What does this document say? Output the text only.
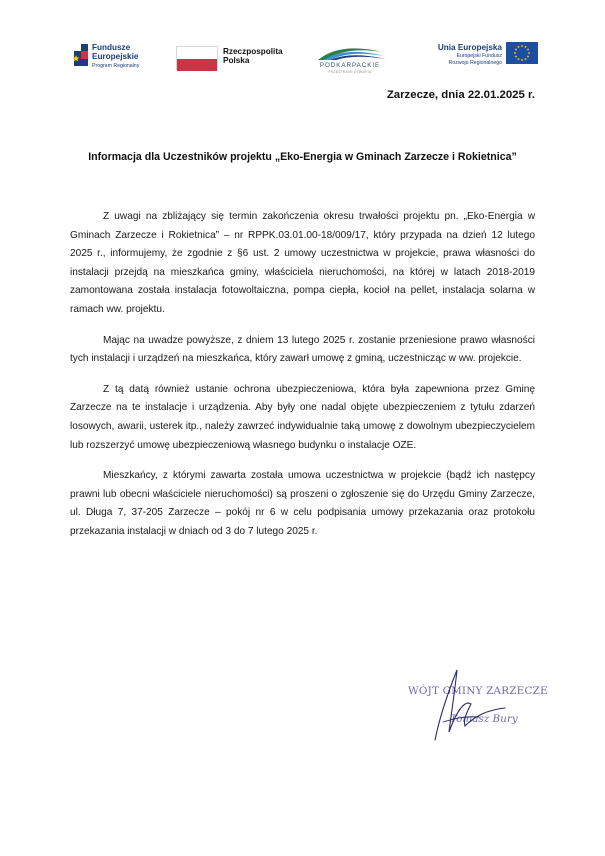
Fundusze
Europejskie
Program Regionalny
Rzeczpospolita
Polska
PODKARPACKIE
PRZESTRZEŃ OTWARTA
Unia Europejska
Europejski Fundusz
Rozwoju Regionalnego
Zarzecze, dnia 22.01.2025 r.
Informacja dla Uczestników projektu „Eko-Energia w Gminach Zarzecze i Rokietnica”

Z uwagi na zbliżający się termin zakończenia okresu trwałości projektu pn. „Eko-Energia w Gminach Zarzecze i Rokietnica” – nr RPPK.03.01.00-18/009/17, który przypada na dzień 12 lutego 2025 r., informujemy, że zgodnie z §6 ust. 2 umowy uczestnictwa w projekcie, prawa własności do instalacji przejdą na mieszkańca gminy, właściciela nieruchomości, na której w latach 2018-2019 zamontowana została instalacja fotowoltaiczna, pompa ciepła, kocioł na pellet, instalacja solarna w ramach ww. projektu.

Mając na uwadze powyższe, z dniem 13 lutego 2025 r. zostanie przeniesione prawo własności tych instalacji i urządzeń na mieszkańca, który zawarł umowę z gminą, uczestnicząc w ww. projekcie.

Z tą datą również ustanie ochrona ubezpieczeniowa, która była zapewniona przez Gminę Zarzecze na te instalacje i urządzenia. Aby były one nadal objęte ubezpieczeniem z tytułu zdarzeń losowych, awarii, usterek itp., należy zawrzeć indywidualnie taką umowę z dowolnym ubezpieczycielem lub rozszerzyć umowę ubezpieczeniową własnego budynku o instalacje OZE.

Mieszkańcy, z którymi zawarta została umowa uczestnictwa w projekcie (bądź ich następcy prawni lub obecni właściciele nieruchomości) są proszeni o zgłoszenie się do Urzędu Gminy Zarzecze, ul. Długa 7, 37-205 Zarzecze – pokój nr 6 w celu podpisania umowy przekazania oraz protokołu przekazania instalacji w dniach od 3 do 7 lutego 2025 r.

WÓJT GMINY ZARZECZE
Tomasz Bury
